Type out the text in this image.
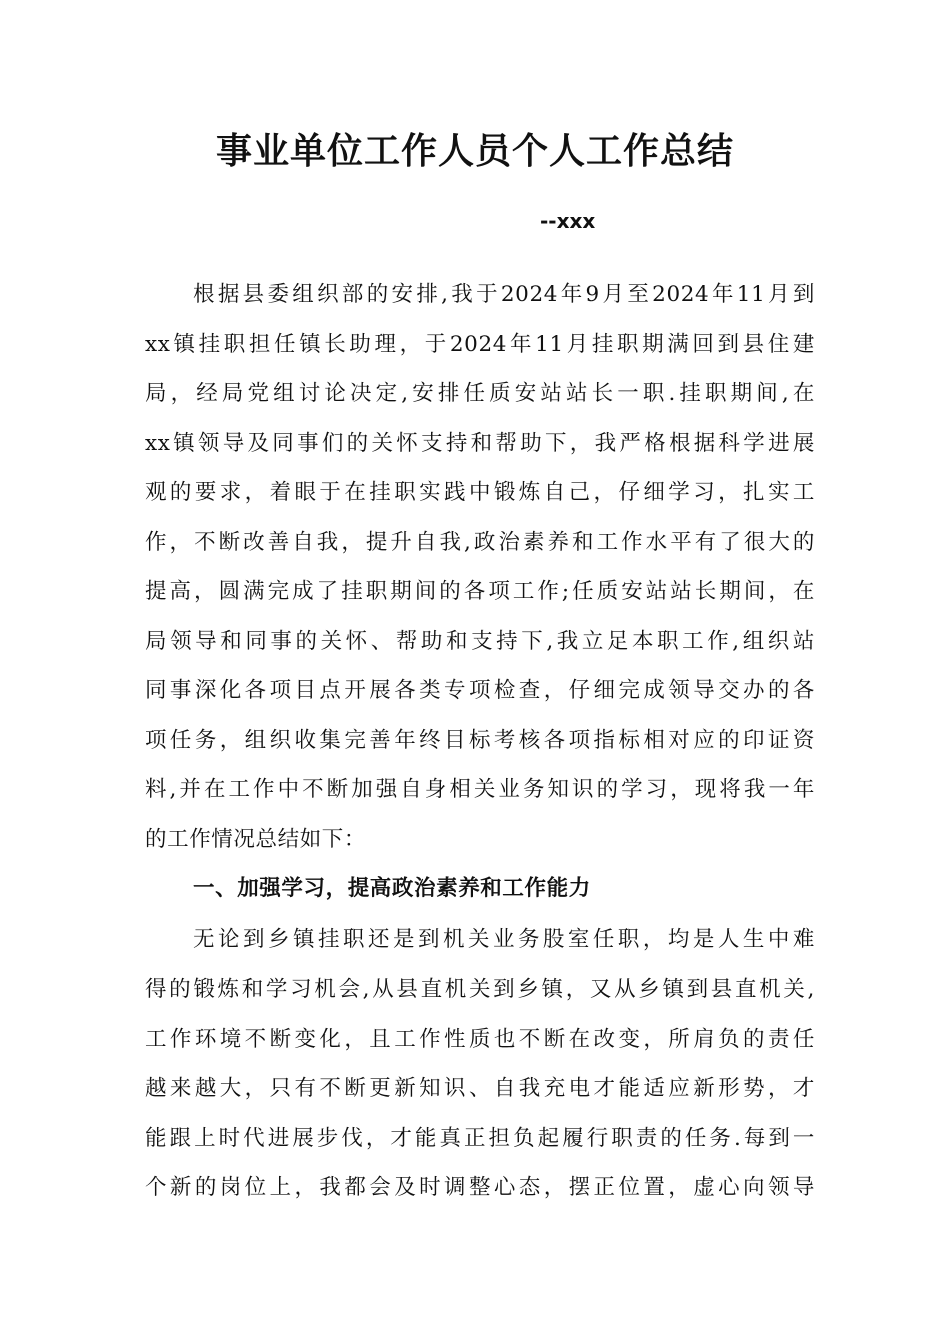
事业单位工作人员个人工作总结
--xxx
根据县委组织部的安排,我于2024年9月至2024年11月到
xx镇挂职担任镇长助理，于2024年11月挂职期满回到县住建
局，经局党组讨论决定,安排任质安站站长一职.挂职期间,在
xx镇领导及同事们的关怀支持和帮助下，我严格根据科学进展
观的要求，着眼于在挂职实践中锻炼自己，仔细学习，扎实工
作，不断改善自我，提升自我,政治素养和工作水平有了很大的
提高，圆满完成了挂职期间的各项工作;任质安站站长期间，在
局领导和同事的关怀、帮助和支持下,我立足本职工作,组织站
同事深化各项目点开展各类专项检查，仔细完成领导交办的各
项任务，组织收集完善年终目标考核各项指标相对应的印证资
料,并在工作中不断加强自身相关业务知识的学习，现将我一年
的工作情况总结如下：
一、加强学习，提高政治素养和工作能力
无论到乡镇挂职还是到机关业务股室任职，均是人生中难
得的锻炼和学习机会,从县直机关到乡镇，又从乡镇到县直机关,
工作环境不断变化，且工作性质也不断在改变，所肩负的责任
越来越大，只有不断更新知识、自我充电才能适应新形势，才
能跟上时代进展步伐，才能真正担负起履行职责的任务.每到一
个新的岗位上，我都会及时调整心态，摆正位置，虚心向领导
